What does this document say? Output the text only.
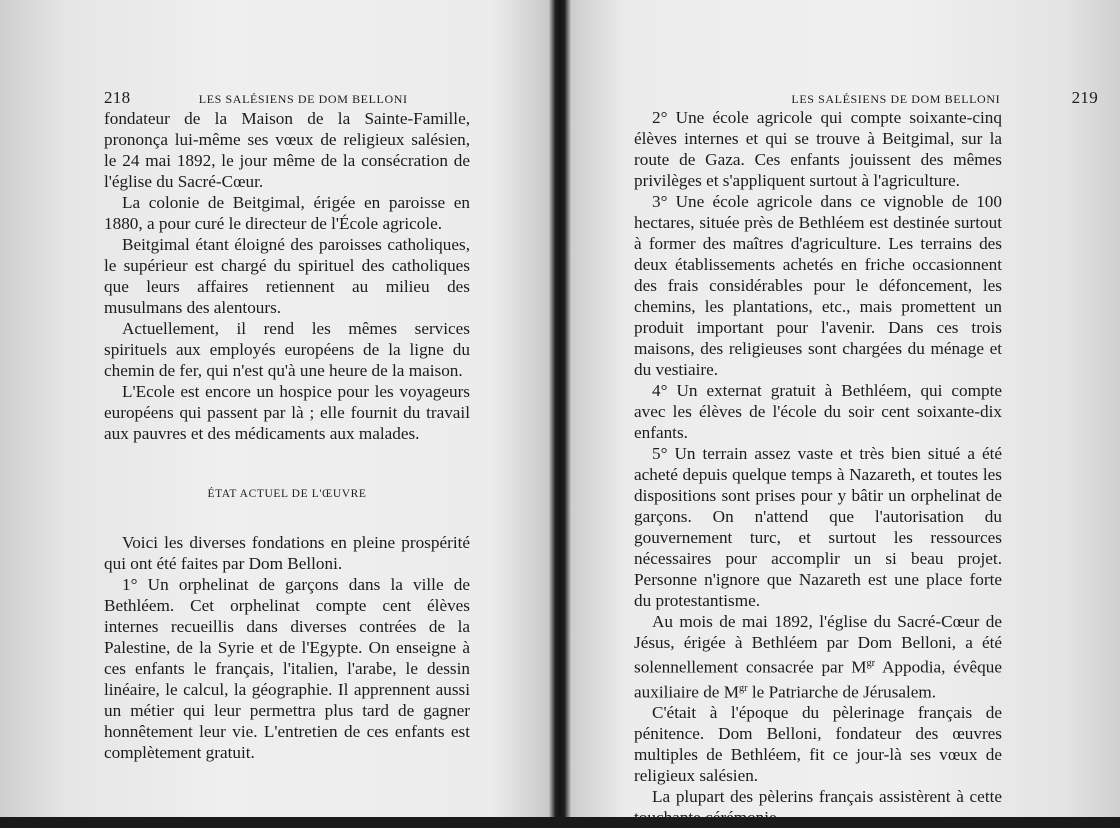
218	LES SALÉSIENS DE DOM BELLONI

fondateur de la Maison de la Sainte-Famille, prononça lui-même ses vœux de religieux salésien, le 24 mai 1892, le jour même de la consécration de l'église du Sacré-Cœur.

La colonie de Beitgimal, érigée en paroisse en 1880, a pour curé le directeur de l'École agricole.

Beitgimal étant éloigné des paroisses catholiques, le supérieur est chargé du spirituel des catholiques que leurs affaires retiennent au milieu des musulmans des alentours.

Actuellement, il rend les mêmes services spirituels aux employés européens de la ligne du chemin de fer, qui n'est qu'à une heure de la maison.

L'Ecole est encore un hospice pour les voyageurs européens qui passent par là ; elle fournit du travail aux pauvres et des médicaments aux malades.

ÉTAT ACTUEL DE L'ŒUVRE

Voici les diverses fondations en pleine prospérité qui ont été faites par Dom Belloni.

1° Un orphelinat de garçons dans la ville de Bethléem. Cet orphelinat compte cent élèves internes recueillis dans diverses contrées de la Palestine, de la Syrie et de l'Egypte. On enseigne à ces enfants le français, l'italien, l'arabe, le dessin linéaire, le calcul, la géographie. Il apprennent aussi un métier qui leur permettra plus tard de gagner honnêtement leur vie. L'entretien de ces enfants est complètement gratuit.

LES SALÉSIENS DE DOM BELLONI	219

2° Une école agricole qui compte soixante-cinq élèves internes et qui se trouve à Beitgimal, sur la route de Gaza. Ces enfants jouissent des mêmes privilèges et s'appliquent surtout à l'agriculture.

3° Une école agricole dans ce vignoble de 100 hectares, située près de Bethléem est destinée surtout à former des maîtres d'agriculture. Les terrains des deux établissements achetés en friche occasionnent des frais considérables pour le défoncement, les chemins, les plantations, etc., mais promettent un produit important pour l'avenir. Dans ces trois maisons, des religieuses sont chargées du ménage et du vestiaire.

4° Un externat gratuit à Bethléem, qui compte avec les élèves de l'école du soir cent soixante-dix enfants.

5° Un terrain assez vaste et très bien situé a été acheté depuis quelque temps à Nazareth, et toutes les dispositions sont prises pour y bâtir un orphelinat de garçons. On n'attend que l'autorisation du gouvernement turc, et surtout les ressources nécessaires pour accomplir un si beau projet. Personne n'ignore que Nazareth est une place forte du protestantisme.

Au mois de mai 1892, l'église du Sacré-Cœur de Jésus, érigée à Bethléem par Dom Belloni, a été solennellement consacrée par $M^{gr}$ Appodia, évêque auxiliaire de $M^{gr}$ le Patriarche de Jérusalem.

C'était à l'époque du pèlerinage français de pénitence. Dom Belloni, fondateur des œuvres multiples de Bethléem, fit ce jour-là ses vœux de religieux salésien.

La plupart des pèlerins français assistèrent à cette touchante cérémonie.
